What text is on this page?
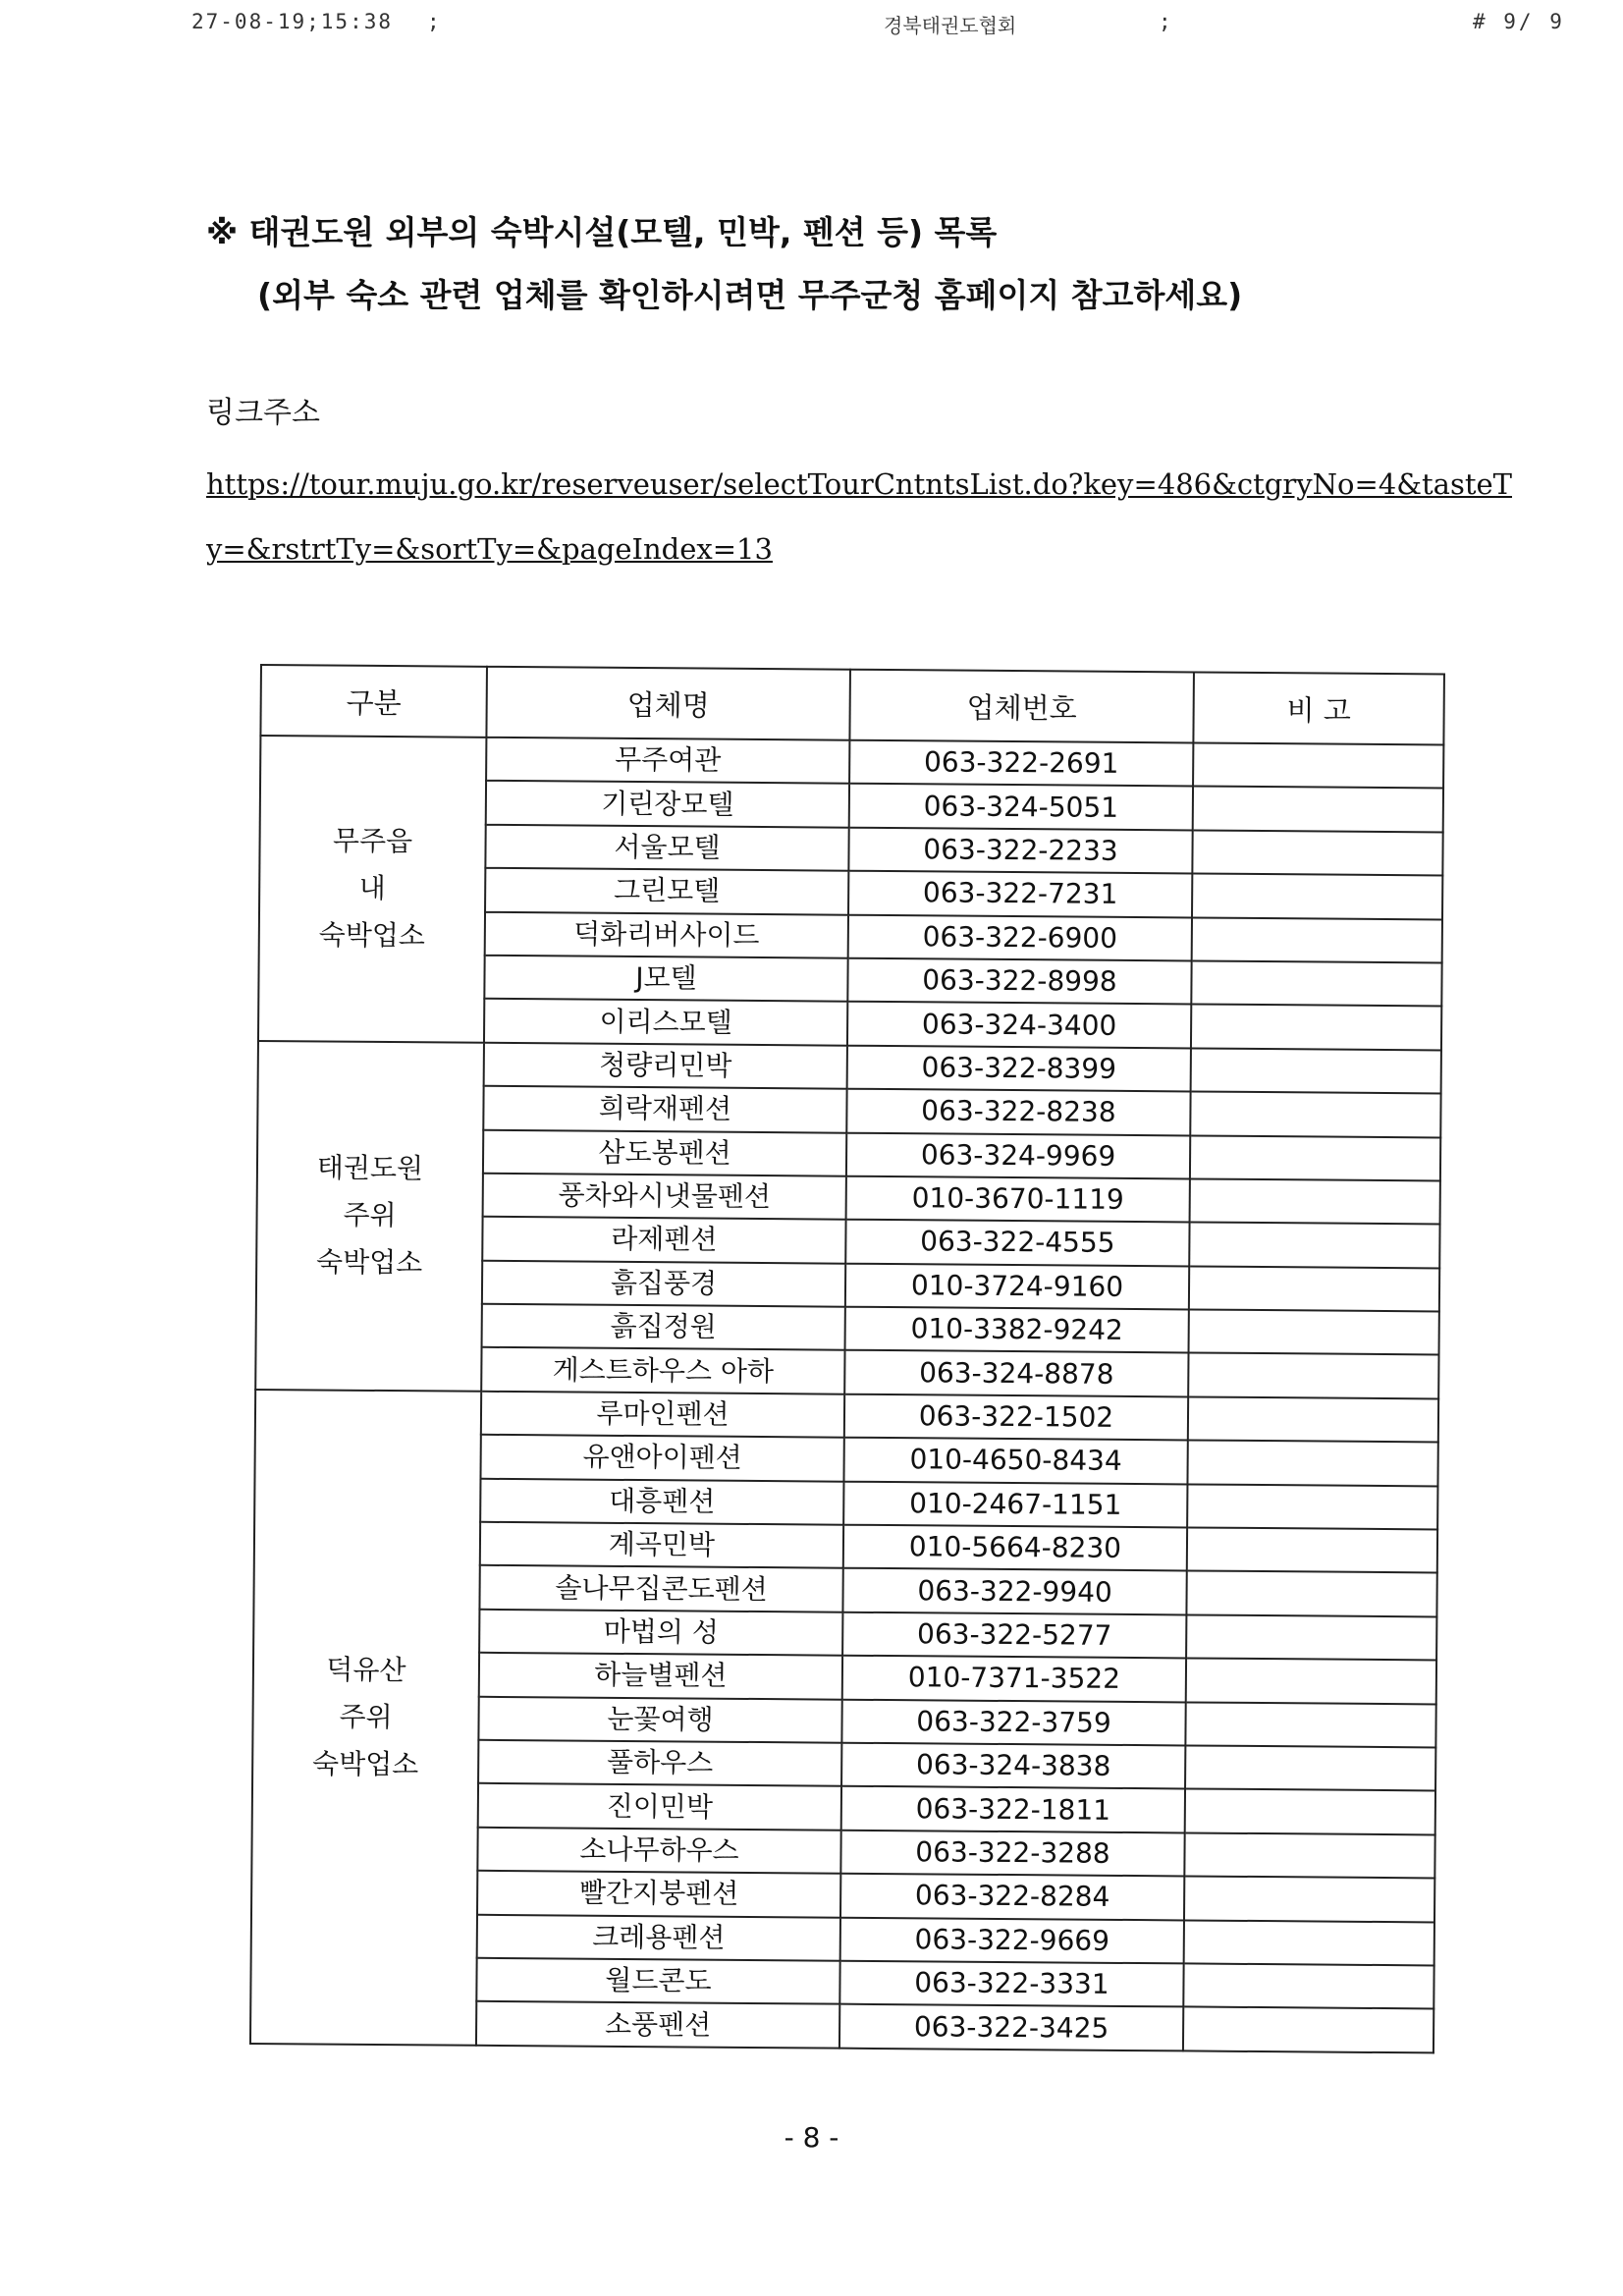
27-08-19;15:38 ;	경북태권도협회	;	# 9/ 9
※ 태권도원 외부의 숙박시설(모텔, 민박, 펜션 등) 목록
(외부 숙소 관련 업체를 확인하시려면 무주군청 홈페이지 참고하세요)
링크주소
https://tour.muju.go.kr/reserveuser/selectTourCntntsList.do?key=486&ctgryNo=4&tasteTy=&rstrtTy=&sortTy=&pageIndex=13
구분	업체명	업체번호	비 고

무주읍
내
숙박업소	무주여관	063-322-2691	
	기린장모텔	063-324-5051	
	서울모텔	063-322-2233	
	그린모텔	063-322-7231	
	덕화리버사이드	063-322-6900	
	J모텔	063-322-8998	
	이리스모텔	063-324-3400	

태권도원
주위
숙박업소	청량리민박	063-322-8399	
	희락재펜션	063-322-8238	
	삼도봉펜션	063-324-9969	
	풍차와시냇물펜션	010-3670-1119	
	라제펜션	063-322-4555	
	흙집풍경	010-3724-9160	
	흙집정원	010-3382-9242	
	게스트하우스 아하	063-324-8878	

덕유산
주위
숙박업소	루마인펜션	063-322-1502	
	유앤아이펜션	010-4650-8434	
	대흥펜션	010-2467-1151	
	계곡민박	010-5664-8230	
	솔나무집콘도펜션	063-322-9940	
	마법의 성	063-322-5277	
	하늘별펜션	010-7371-3522	
	눈꽃여행	063-322-3759	
	풀하우스	063-324-3838	
	진이민박	063-322-1811	
	소나무하우스	063-322-3288	
	빨간지붕펜션	063-322-8284	
	크레용펜션	063-322-9669	
	월드콘도	063-322-3331	
	소풍펜션	063-322-3425	
- 8 -
